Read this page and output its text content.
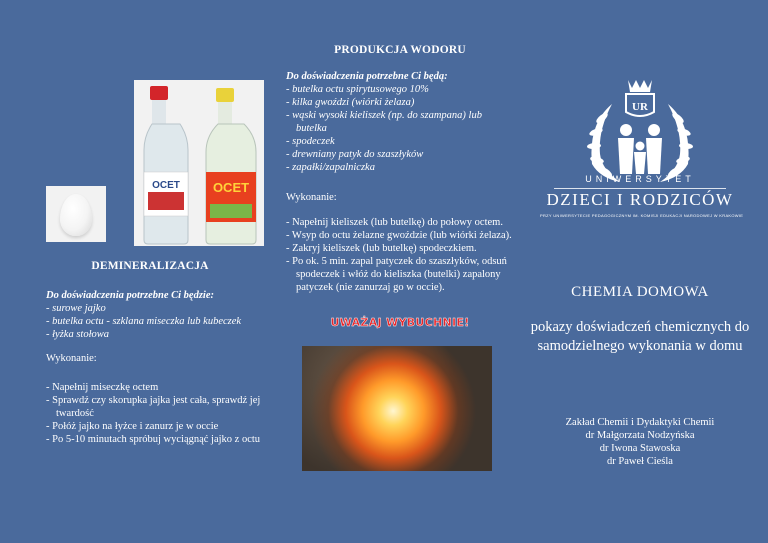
DEMINERALIZACJA
Do doświadczenia potrzebne Ci będzie:
- surowe jajko
- butelka octu - szklana miseczka lub kubeczek
- łyżka stołowa
Wykonanie:
- Napełnij miseczkę octem
- Sprawdź czy skorupka jajka jest cała, sprawdź jej twardość
- Połóż jajko na łyżce i zanurz je w occie
- Po 5-10 minutach spróbuj wyciągnąć jajko z octu
PRODUKCJA WODORU
OCET	OCET
Do doświadczenia potrzebne Ci będą:
- butelka octu spirytusowego 10%
- kilka gwoździ (wiórki żelaza)
- wąski wysoki kieliszek (np. do szampana) lub butelka
- spodeczek
- drewniany patyk do szaszłyków
- zapałki/zapalniczka
Wykonanie:
- Napełnij kieliszek (lub butelkę) do połowy octem.
- Wsyp do octu żelazne gwoździe (lub wiórki żelaza).
- Zakryj kieliszek (lub butelkę) spodeczkiem.
- Po ok. 5 min. zapal patyczek do szaszłyków, odsuń spodeczek i włóż do kieliszka (butelki) zapalony patyczek (nie zanurzaj go w occie).
UWAŻAJ WYBUCHNIE!
UR
UNIWERSYTET
DZIECI I RODZICÓW
PRZY UNIWERSYTECIE PEDAGOGICZNYM IM. KOMISJI EDUKACJI NARODOWEJ W KRAKOWIE
CHEMIA DOMOWA
pokazy doświadczeń chemicznych do samodzielnego wykonania w domu
Zakład Chemii i Dydaktyki Chemii
dr Małgorzata Nodzyńska
dr Iwona Stawoska
dr Paweł Cieśla
